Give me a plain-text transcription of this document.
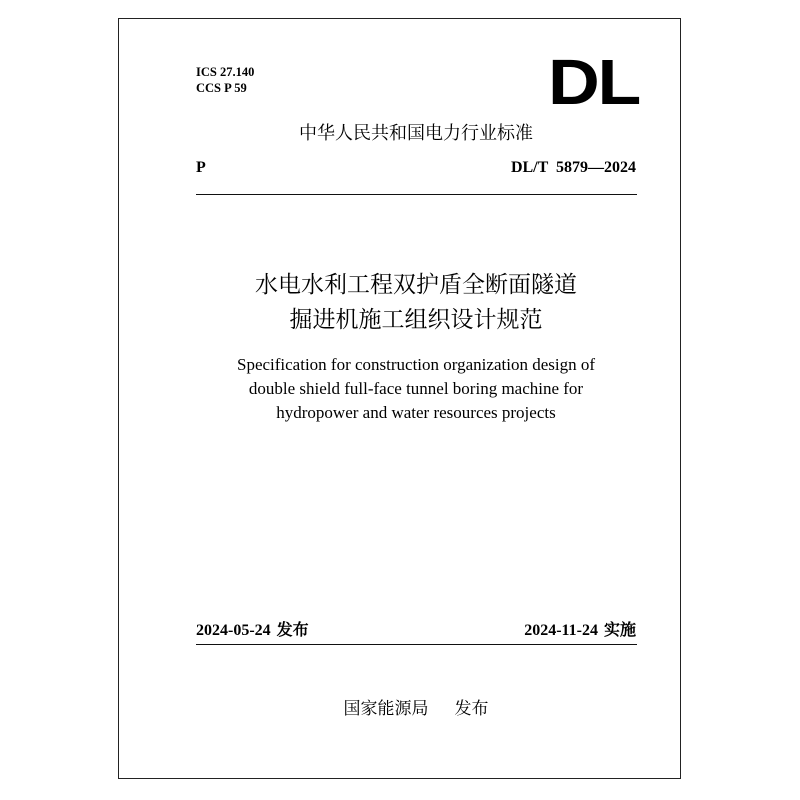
ICS 27.140
CCS P 59	DL
中华人民共和国电力行业标准
P	DL/T 5879—2024
水电水利工程双护盾全断面隧道
掘进机施工组织设计规范
Specification for construction organization design of
double shield full-face tunnel boring machine for
hydropower and water resources projects
2024-05-24 发布	2024-11-24 实施
国家能源局 发布
